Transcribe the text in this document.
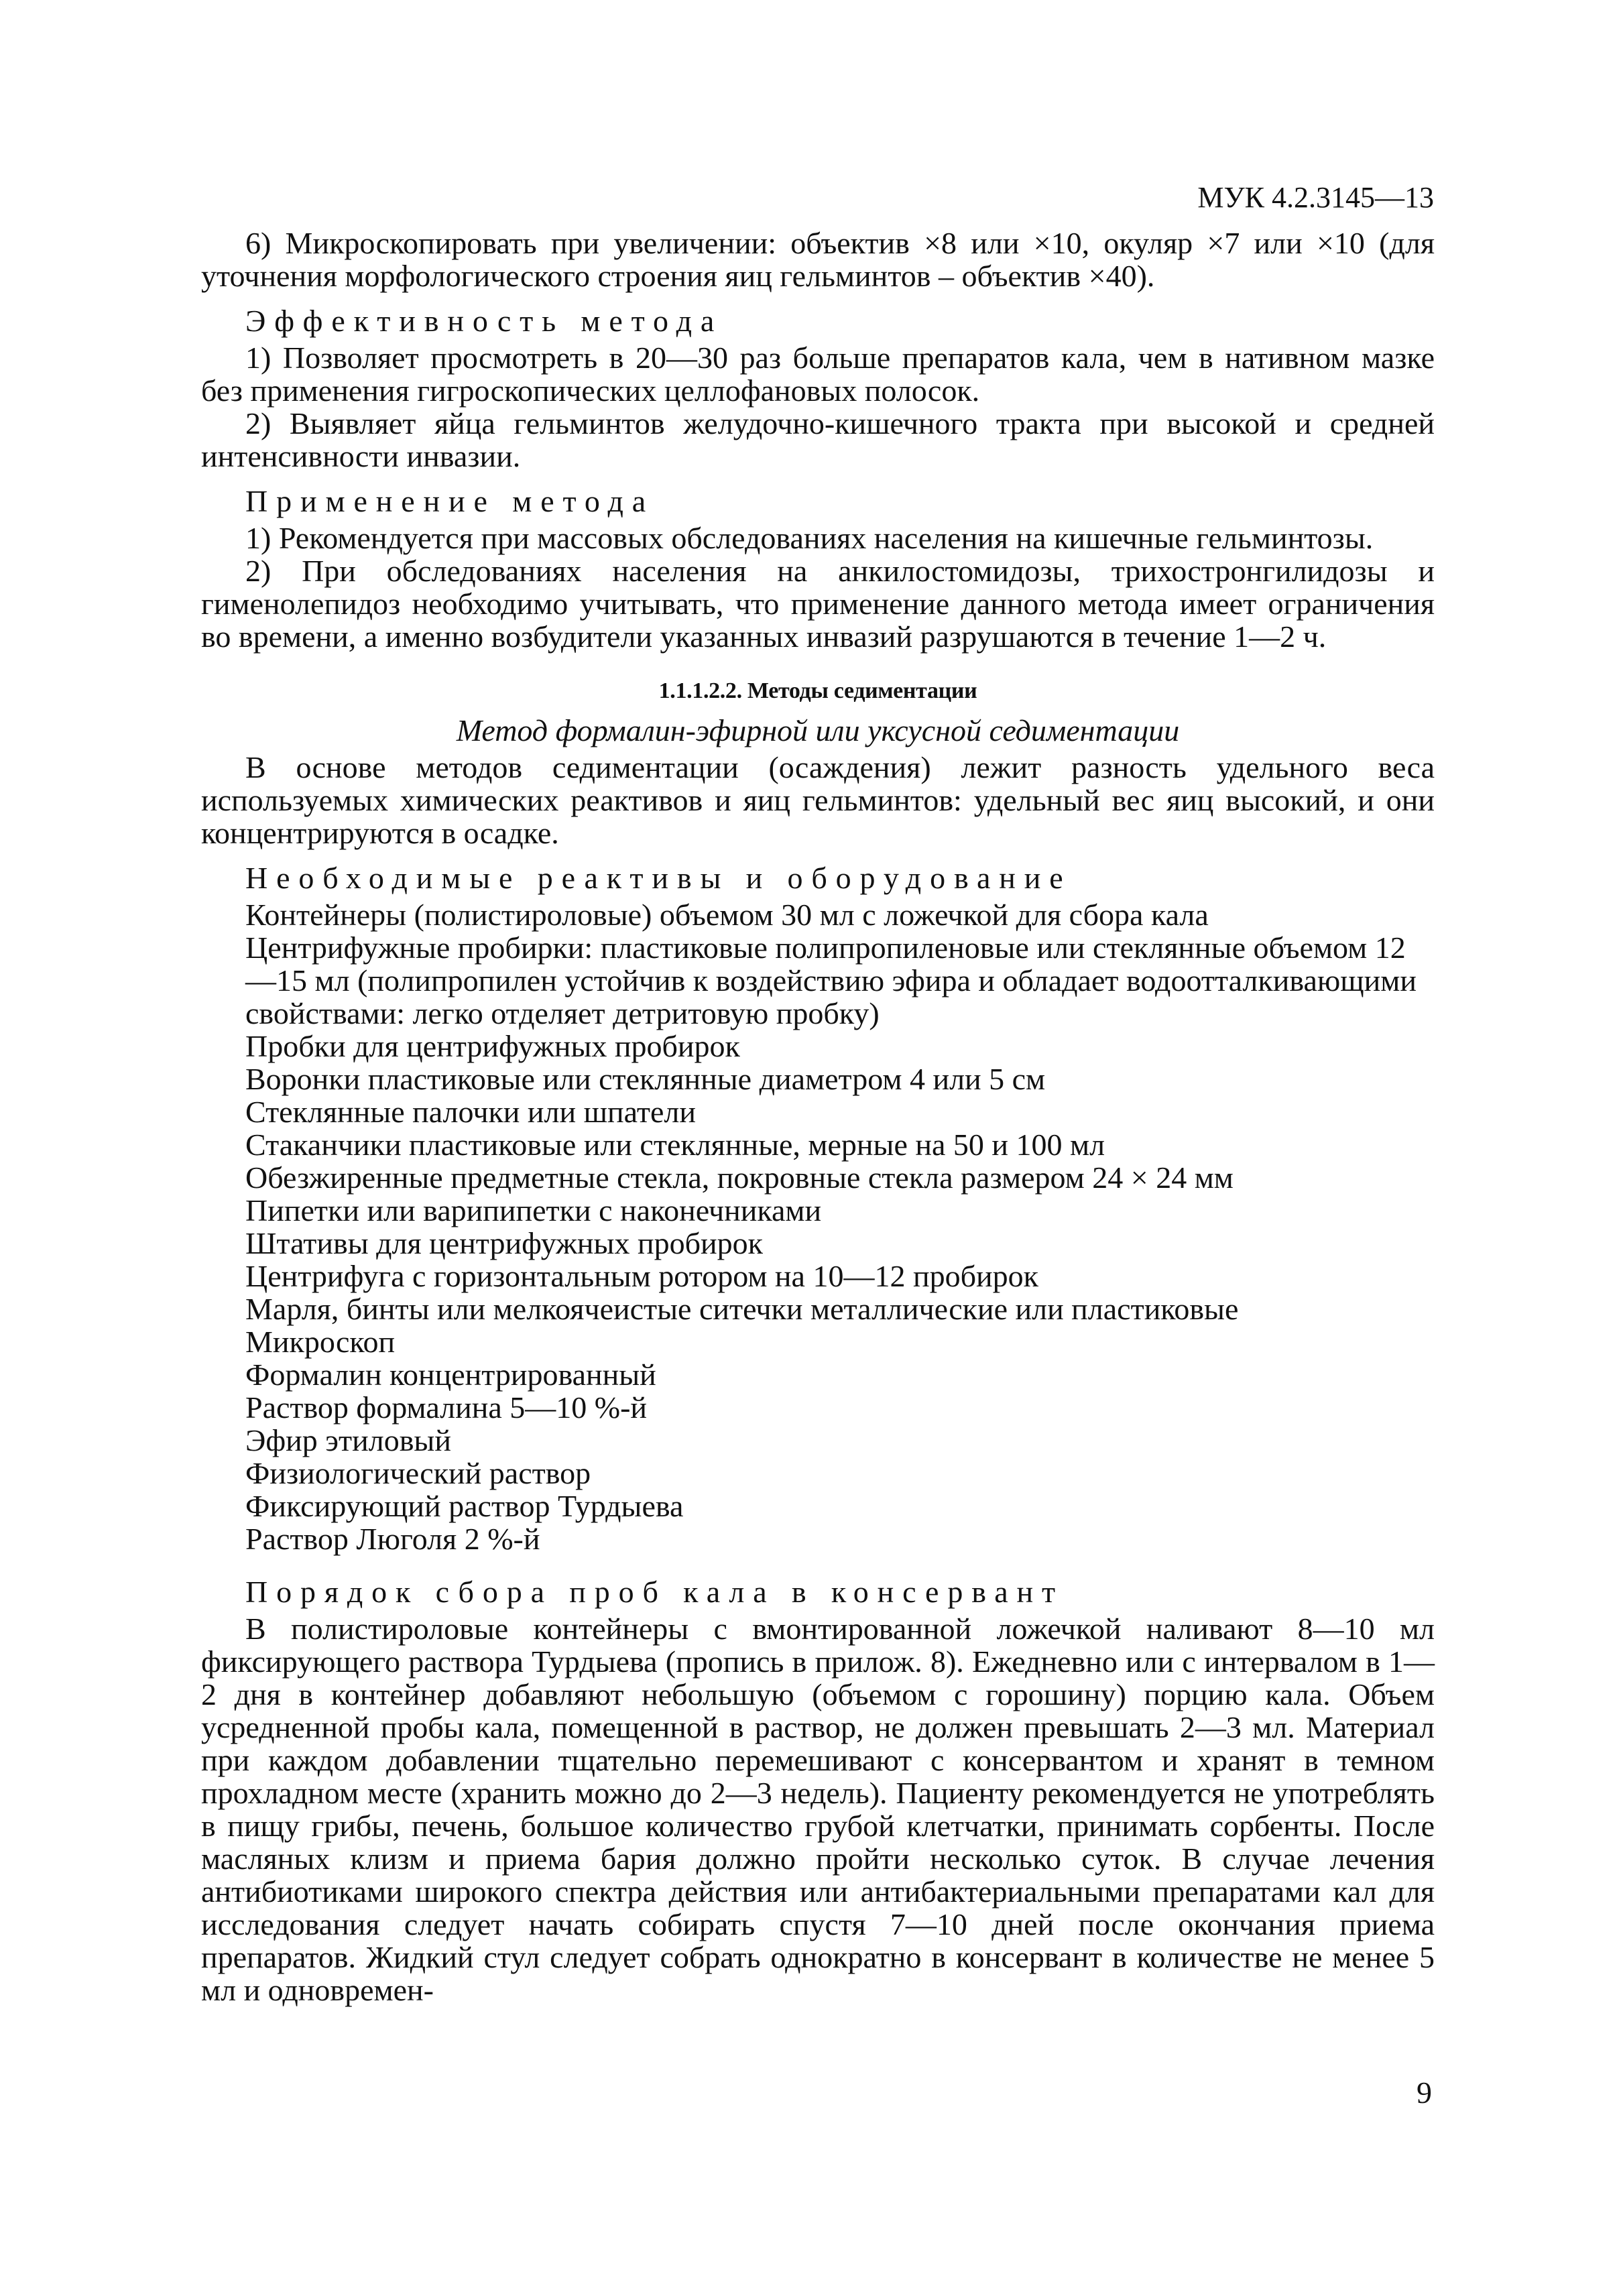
МУК 4.2.3145—13

6) Микроскопировать при увеличении: объектив ×8 или ×10, окуляр ×7 или ×10 (для уточнения морфологического строения яиц гельминтов – объектив ×40).

Эффективность метода

1) Позволяет просмотреть в 20—30 раз больше препаратов кала, чем в нативном мазке без применения гигроскопических целлофановых полосок.

2) Выявляет яйца гельминтов желудочно-кишечного тракта при высокой и средней интенсивности инвазии.

Применение метода

1) Рекомендуется при массовых обследованиях населения на кишечные гельминтозы.

2) При обследованиях населения на анкилостомидозы, трихостронгилидозы и гименолепидоз необходимо учитывать, что применение данного метода имеет ограничения во времени, а именно возбудители указанных инвазий разрушаются в течение 1—2 ч.

1.1.1.2.2. Методы седиментации
Метод формалин-эфирной или уксусной седиментации

В основе методов седиментации (осаждения) лежит разность удельного веса используемых химических реактивов и яиц гельминтов: удельный вес яиц высокий, и они концентрируются в осадке.

Необходимые реактивы и оборудование
Контейнеры (полистироловые) объемом 30 мл с ложечкой для сбора кала
Центрифужные пробирки: пластиковые полипропиленовые или стеклянные объемом 12—15 мл (полипропилен устойчив к воздействию эфира и обладает водоотталкивающими свойствами: легко отделяет детритовую пробку)
Пробки для центрифужных пробирок
Воронки пластиковые или стеклянные диаметром 4 или 5 см
Стеклянные палочки или шпатели
Стаканчики пластиковые или стеклянные, мерные на 50 и 100 мл
Обезжиренные предметные стекла, покровные стекла размером 24 × 24 мм
Пипетки или варипипетки с наконечниками
Штативы для центрифужных пробирок
Центрифуга с горизонтальным ротором на 10—12 пробирок
Марля, бинты или мелкоячеистые ситечки металлические или пластиковые
Микроскоп
Формалин концентрированный
Раствор формалина 5—10 %-й
Эфир этиловый
Физиологический раствор
Фиксирующий раствор Турдыева
Раствор Люголя 2 %-й
Порядок сбора проб кала в консервант

В полистироловые контейнеры с вмонтированной ложечкой наливают 8—10 мл фиксирующего раствора Турдыева (пропись в прилож. 8). Ежедневно или с интервалом в 1—2 дня в контейнер добавляют небольшую (объемом с горошину) порцию кала. Объем усредненной пробы кала, помещенной в раствор, не должен превышать 2—3 мл. Материал при каждом добавлении тщательно перемешивают с консервантом и хранят в темном прохладном месте (хранить можно до 2—3 недель). Пациенту рекомендуется не употреблять в пищу грибы, печень, большое количество грубой клетчатки, принимать сорбенты. После масляных клизм и приема бария должно пройти несколько суток. В случае лечения антибиотиками широкого спектра действия или антибактериальными препаратами кал для исследования следует начать собирать спустя 7—10 дней после окончания приема препаратов. Жидкий стул следует собрать однократно в консервант в количестве не менее 5 мл и одновремен-

9
